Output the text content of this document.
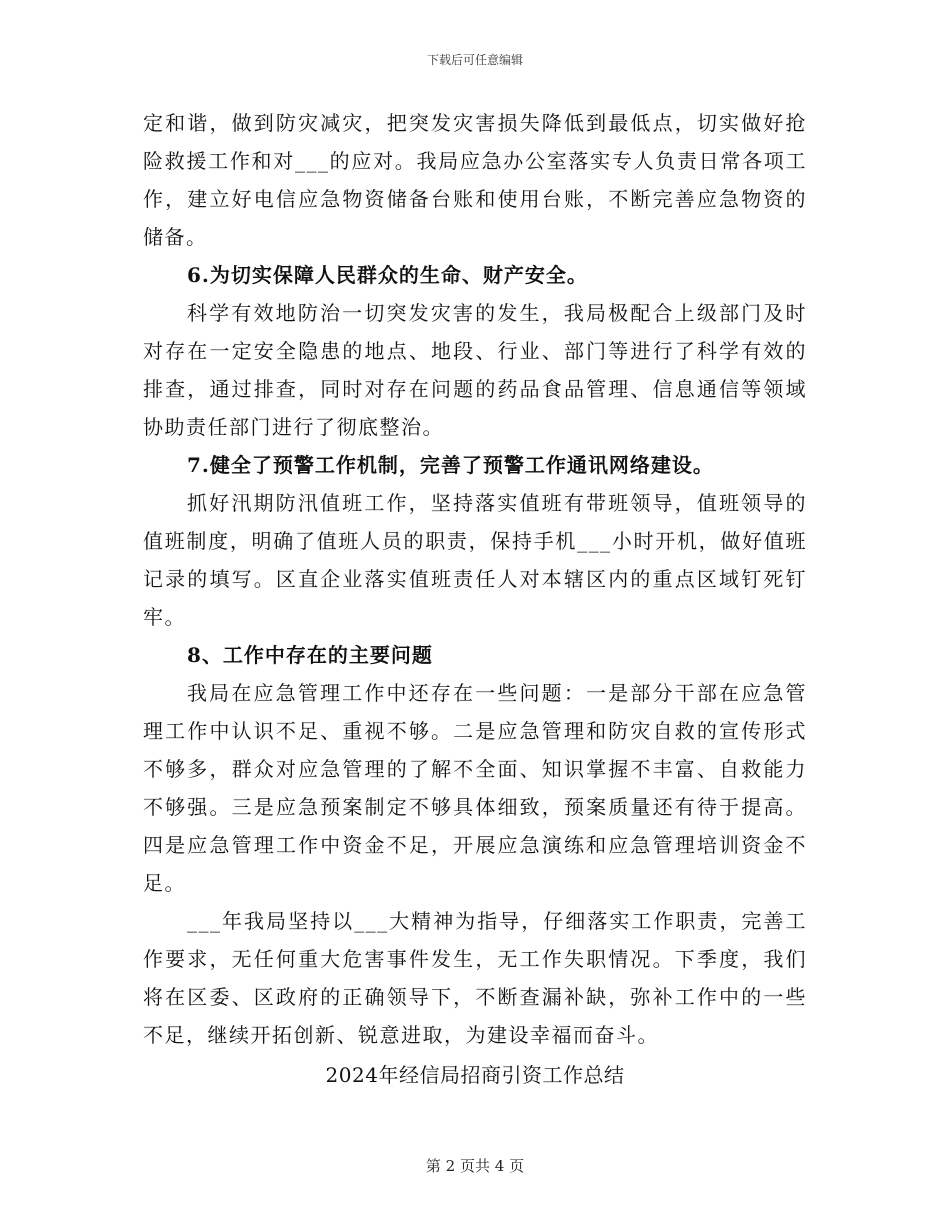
下载后可任意编辑

定和谐，做到防灾减灾，把突发灾害损失降低到最低点，切实做好抢险救援工作和对___的应对。我局应急办公室落实专人负责日常各项工作，建立好电信应急物资储备台账和使用台账，不断完善应急物资的储备。

6.为切实保障人民群众的生命、财产安全。

科学有效地防治一切突发灾害的发生，我局极配合上级部门及时对存在一定安全隐患的地点、地段、行业、部门等进行了科学有效的排查，通过排查，同时对存在问题的药品食品管理、信息通信等领域协助责任部门进行了彻底整治。

7.健全了预警工作机制，完善了预警工作通讯网络建设。

抓好汛期防汛值班工作，坚持落实值班有带班领导，值班领导的值班制度，明确了值班人员的职责，保持手机___小时开机，做好值班记录的填写。区直企业落实值班责任人对本辖区内的重点区域钉死钉牢。

8、工作中存在的主要问题

我局在应急管理工作中还存在一些问题：一是部分干部在应急管理工作中认识不足、重视不够。二是应急管理和防灾自救的宣传形式不够多，群众对应急管理的了解不全面、知识掌握不丰富、自救能力不够强。三是应急预案制定不够具体细致，预案质量还有待于提高。四是应急管理工作中资金不足，开展应急演练和应急管理培训资金不足。

___年我局坚持以___大精神为指导，仔细落实工作职责，完善工作要求，无任何重大危害事件发生，无工作失职情况。下季度，我们将在区委、区政府的正确领导下，不断查漏补缺，弥补工作中的一些不足，继续开拓创新、锐意进取，为建设幸福而奋斗。

2024年经信局招商引资工作总结

第 2 页共 4 页
